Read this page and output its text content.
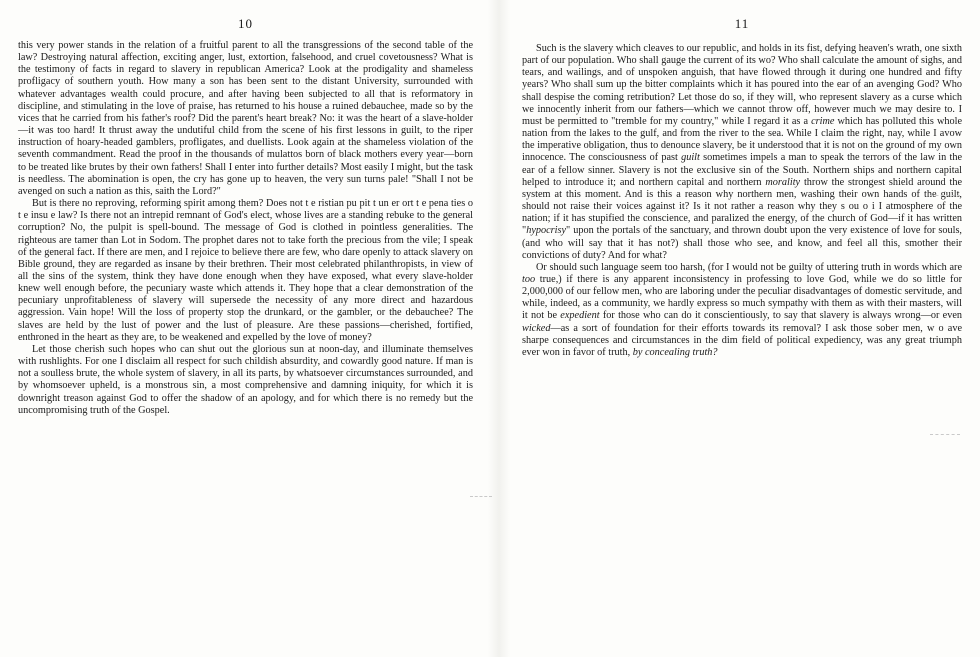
10

this very power stands in the relation of a fruitful parent to all the transgressions of the second table of the law? Destroying natural affection, exciting anger, lust, extortion, falsehood, and cruel covetousness? What is the testimony of facts in regard to slavery in republican America? Look at the prodigality and shameless profligacy of southern youth. How many a son has been sent to the distant University, surrounded with whatever advantages wealth could procure, and after having been subjected to all that is reformatory in discipline, and stimulating in the love of praise, has returned to his house a ruined debauchee, made so by the vices that he carried from his father's roof? Did the parent's heart break? No: it was the heart of a slave-holder—it was too hard! It thrust away the undutiful child from the scene of his first lessons in guilt, to the riper instruction of hoary-headed gamblers, profligates, and duellists. Look again at the shameless violation of the seventh commandment. Read the proof in the thousands of mulattos born of black mothers every year—born to be treated like brutes by their own fathers! Shall I enter into further details? Most easily I might, but the task is needless. The abomination is open, the cry has gone up to heaven, the very sun turns pale! "Shall I not be avenged on such a nation as this, saith the Lord?"

But is there no reproving, reforming spirit among them? Does not t e ristian pu pit t un er ort t e pena ties o t e insu e law? Is there not an intrepid remnant of God's elect, whose lives are a standing rebuke to the general corruption? No, the pulpit is spell-bound. The message of God is clothed in pointless generalities. The righteous are tamer than Lot in Sodom. The prophet dares not to take forth the precious from the vile; I speak of the general fact. If there are men, and I rejoice to believe there are few, who dare openly to attack slavery on Bible ground, they are regarded as insane by their brethren. Their most celebrated philanthropists, in view of all the sins of the system, think they have done enough when they have exposed, what every slave-holder knew well enough before, the pecuniary waste which attends it. They hope that a clear demonstration of the pecuniary unprofitableness of slavery will supersede the necessity of any more direct and hazardous aggression. Vain hope! Will the loss of property stop the drunkard, or the gambler, or the debauchee? The slaves are held by the lust of power and the lust of pleasure. Are these passions—cherished, fortified, enthroned in the heart as they are, to be weakened and expelled by the love of money?

Let those cherish such hopes who can shut out the glorious sun at noon-day, and illuminate themselves with rushlights. For one I disclaim all respect for such childish absurdity, and cowardly good nature. If man is not a soulless brute, the whole system of slavery, in all its parts, by whatsoever circumstances surrounded, and by whomsoever upheld, is a monstrous sin, a most comprehensive and damning iniquity, for which it is downright treason against God to offer the shadow of an apology, and for which there is no remedy but the uncompromising truth of the Gospel.

11

Such is the slavery which cleaves to our republic, and holds in its fist, defying heaven's wrath, one sixth part of our population. Who shall gauge the current of its wo? Who shall calculate the amount of sighs, and tears, and wailings, and of unspoken anguish, that have flowed through it during one hundred and fifty years? Who shall sum up the bitter complaints which it has poured into the ear of an avenging God? Who shall despise the coming retribution? Let those do so, if they will, who represent slavery as a curse which we innocently inherit from our fathers—which we cannot throw off, however much we may desire to. I must be permitted to "tremble for my country," while I regard it as a crime which has polluted this whole nation from the lakes to the gulf, and from the river to the sea. While I claim the right, nay, while I avow the imperative obligation, thus to denounce slavery, be it understood that it is not on the ground of my own innocence. The consciousness of past guilt sometimes impels a man to speak the terrors of the law in the ear of a fellow sinner. Slavery is not the exclusive sin of the South. Northern ships and northern capital helped to introduce it; and northern capital and northern morality throw the strongest shield around the system at this moment. And is this a reason why northern men, washing their own hands of the guilt, should not raise their voices against it? Is it not rather a reason why they s ou o i I atmosphere of the nation; if it has stupified the conscience, and paralized the energy, of the church of God—if it has written "hypocrisy" upon the portals of the sanctuary, and thrown doubt upon the very existence of love for souls, (and who will say that it has not?) shall those who see, and know, and feel all this, smother their convictions of duty? And for what?

Or should such language seem too harsh, (for I would not be guilty of uttering truth in words which are too true,) if there is any apparent inconsistency in professing to love God, while we do so little for 2,000,000 of our fellow men, who are laboring under the peculiar disadvantages of domestic servitude, and while, indeed, as a community, we hardly express so much sympathy with them as with their masters, will it not be expedient for those who can do it conscientiously, to say that slavery is always wrong—or even wicked—as a sort of foundation for their efforts towards its removal? I ask those sober men, w o ave sharpe consequences and circumstances in the dim field of political expediency, was any great triumph ever won in favor of truth, by concealing truth?
